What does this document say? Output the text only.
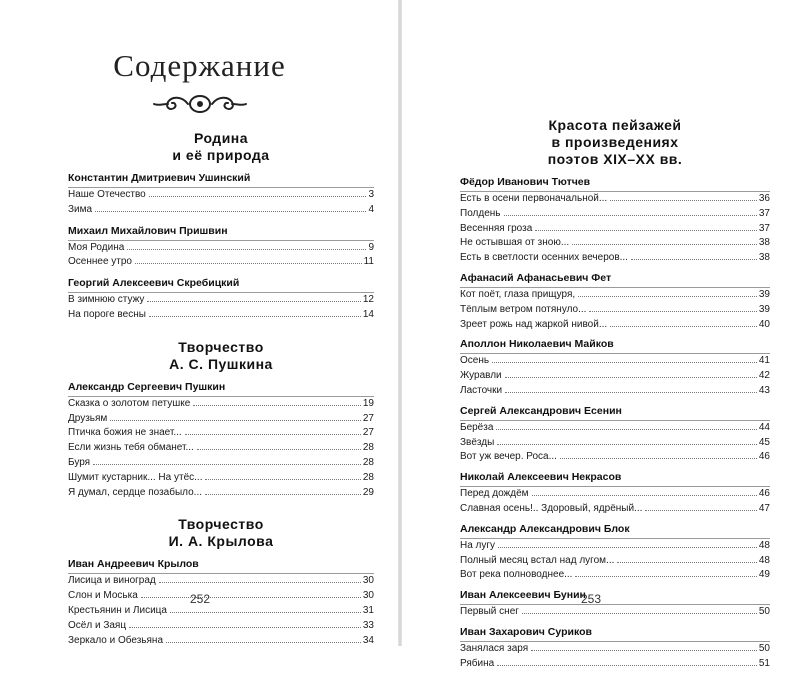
Содержание
Родина
и её природа
Константин Дмитриевич Ушинский
Наше Отечество	3
Зима	4
Михаил Михайлович Пришвин
Моя Родина	9
Осеннее утро	11
Георгий Алексеевич Скребицкий
В зимнюю стужу	12
На пороге весны	14
Творчество
А. С. Пушкина
Александр Сергеевич Пушкин
Сказка о золотом петушке	19
Друзьям	27
Птичка божия не знает...	27
Если жизнь тебя обманет...	28
Буря	28
Шумит кустарник... На утёс...	28
Я думал, сердце позабыло...	29
Творчество
И. А. Крылова
Иван Андреевич Крылов
Лисица и виноград	30
Слон и Моська	30
Крестьянин и Лисица	31
Осёл и Заяц	33
Зеркало и Обезьяна	34
252
Красота пейзажей
в произведениях
поэтов XIX–XX вв.
Фёдор Иванович Тютчев
Есть в осени первоначальной...	36
Полдень	37
Весенняя гроза	37
Не остывшая от зною...	38
Есть в светлости осенних вечеров...	38
Афанасий Афанасьевич Фет
Кот поёт, глаза прищуря,	39
Тёплым ветром потянуло...	39
Зреет рожь над жаркой нивой...	40
Аполлон Николаевич Майков
Осень	41
Журавли	42
Ласточки	43
Сергей Александрович Есенин
Берёза	44
Звёзды	45
Вот уж вечер. Роса...	46
Николай Алексеевич Некрасов
Перед дождём	46
Славная осень!.. Здоровый, ядрёный...	47
Александр Александрович Блок
На лугу	48
Полный месяц встал над лугом...	48
Вот река полноводнее...	49
Иван Алексеевич Бунин
Первый снег	50
Иван Захарович Суриков
Занялася заря	50
Рябина	51
253
